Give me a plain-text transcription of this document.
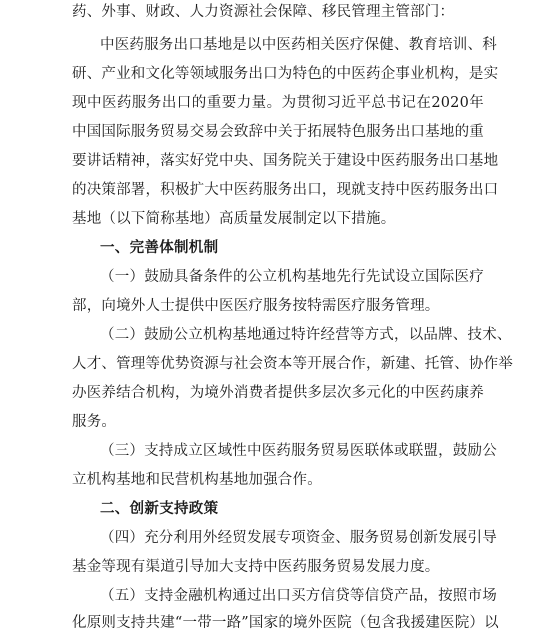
药、外事、财政、人力资源社会保障、移民管理主管部门：
中医药服务出口基地是以中医药相关医疗保健、教育培训、科
研、产业和文化等领域服务出口为特色的中医药企事业机构，是实
现中医药服务出口的重要力量。为贯彻习近平总书记在2020年
中国国际服务贸易交易会致辞中关于拓展特色服务出口基地的重
要讲话精神，落实好党中央、国务院关于建设中医药服务出口基地
的决策部署，积极扩大中医药服务出口，现就支持中医药服务出口
基地（以下简称基地）高质量发展制定以下措施。
一、完善体制机制
（一）鼓励具备条件的公立机构基地先行先试设立国际医疗
部，向境外人士提供中医医疗服务按特需医疗服务管理。
（二）鼓励公立机构基地通过特许经营等方式，以品牌、技术、
人才、管理等优势资源与社会资本等开展合作，新建、托管、协作举
办医养结合机构，为境外消费者提供多层次多元化的中医药康养
服务。
（三）支持成立区域性中医药服务贸易医联体或联盟，鼓励公
立机构基地和民营机构基地加强合作。
二、创新支持政策
（四）充分利用外经贸发展专项资金、服务贸易创新发展引导
基金等现有渠道引导加大支持中医药服务贸易发展力度。
（五）支持金融机构通过出口买方信贷等信贷产品，按照市场
化原则支持共建“一带一路”国家的境外医院（包含我援建医院）以
